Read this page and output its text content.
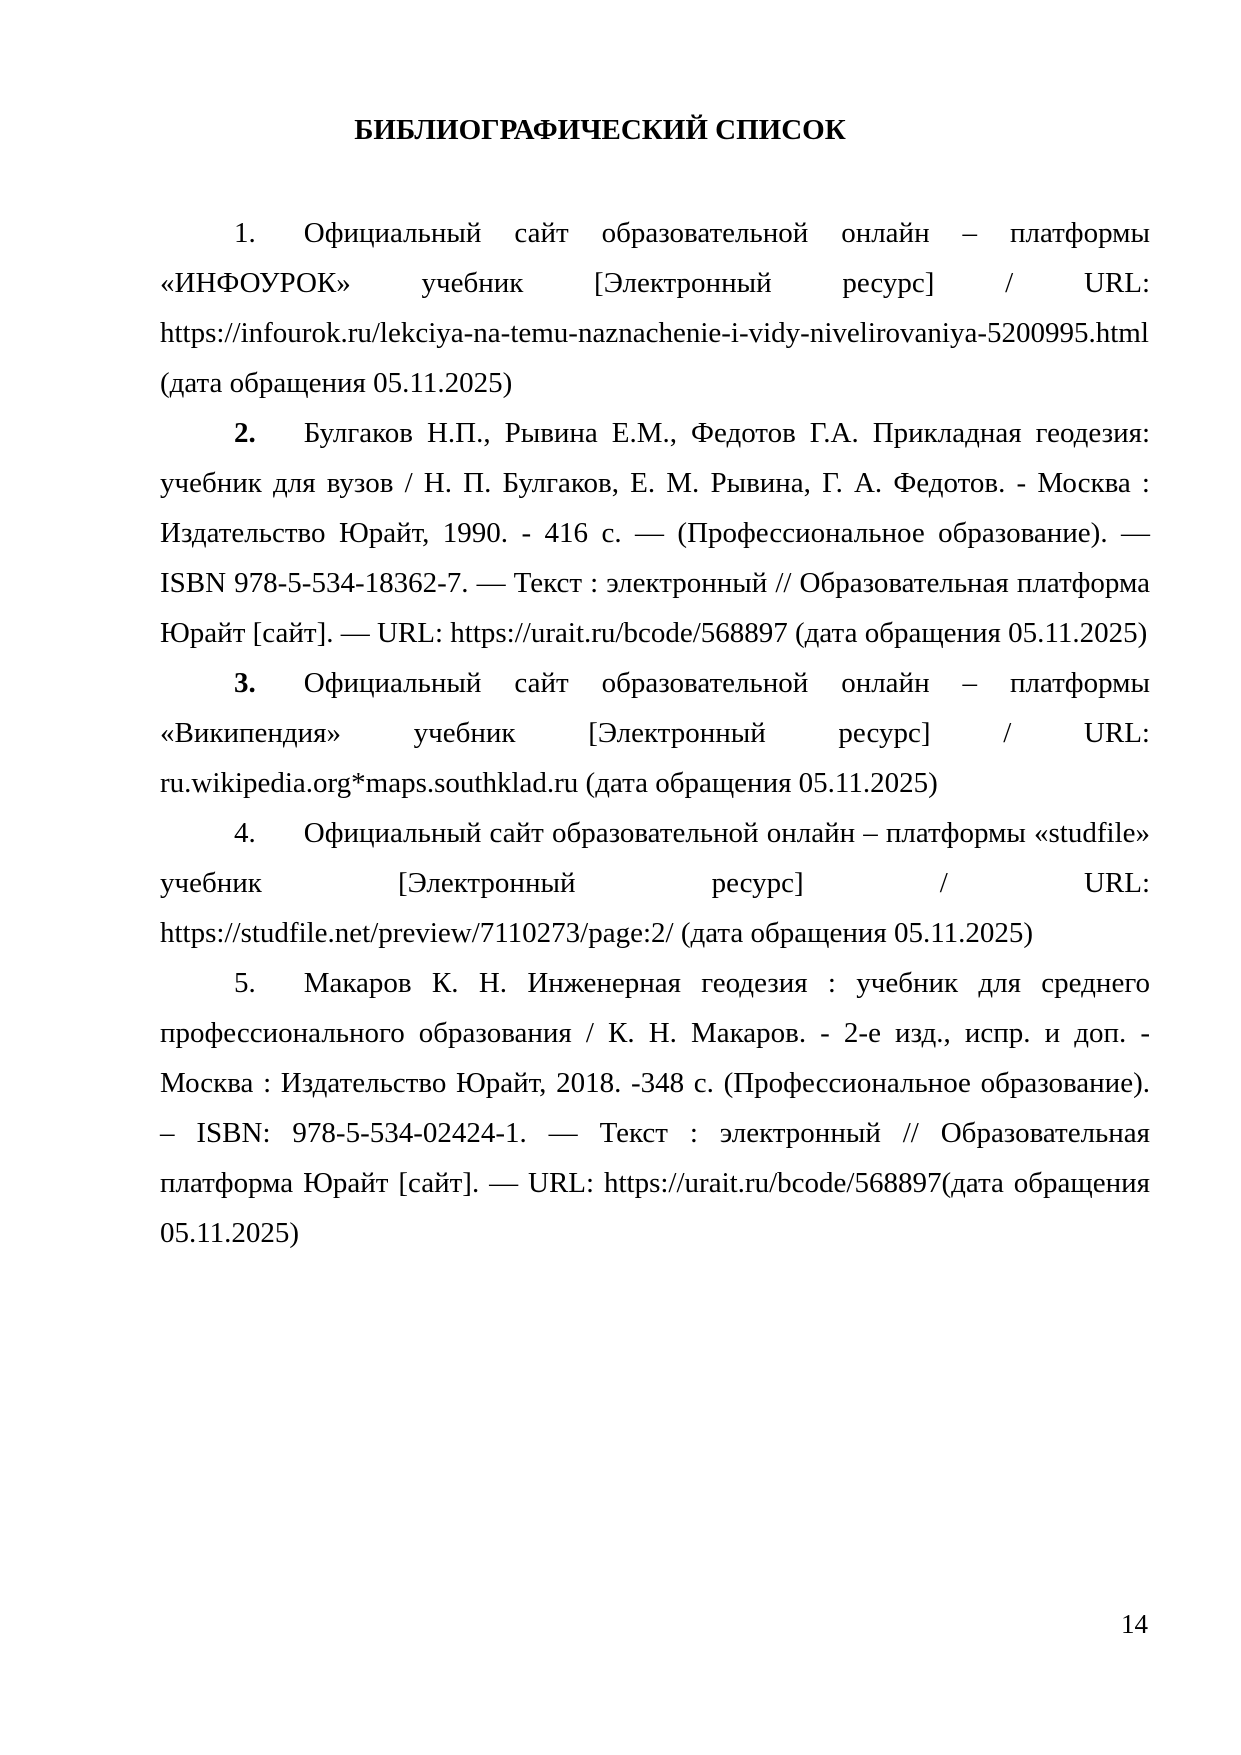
БИБЛИОГРАФИЧЕСКИЙ СПИСОК

1. Официальный сайт образовательной онлайн – платформы «ИНФОУРОК» учебник [Электронный ресурс] / URL: https://infourok.ru/lekciya-na-temu-naznachenie-i-vidy-nivelirovaniya-5200995.html (дата обращения 05.11.2025)

2. Булгаков Н.П., Рывина Е.М., Федотов Г.А. Прикладная геодезия: учебник для вузов / Н. П. Булгаков, Е. М. Рывина, Г. А. Федотов. - Москва : Издательство Юрайт, 1990. - 416 с. — (Профессиональное образование). — ISBN 978-5-534-18362-7. — Текст : электронный // Образовательная платформа Юрайт [сайт]. — URL: https://urait.ru/bcode/568897 (дата обращения 05.11.2025)

3. Официальный сайт образовательной онлайн – платформы «Википендия» учебник [Электронный ресурс] / URL: ru.wikipedia.org*maps.southklad.ru (дата обращения 05.11.2025)

4. Официальный сайт образовательной онлайн – платформы «studfile» учебник [Электронный ресурс] / URL: https://studfile.net/preview/7110273/page:2/ (дата обращения 05.11.2025)

5. Макаров К. Н. Инженерная геодезия : учебник для среднего профессионального образования / К. Н. Макаров. - 2-е изд., испр. и доп. - Москва : Издательство Юрайт, 2018. -348 с. (Профессиональное образование). – ISBN: 978-5-534-02424-1. — Текст : электронный // Образовательная платформа Юрайт [сайт]. — URL: https://urait.ru/bcode/568897(дата обращения 05.11.2025)

14
